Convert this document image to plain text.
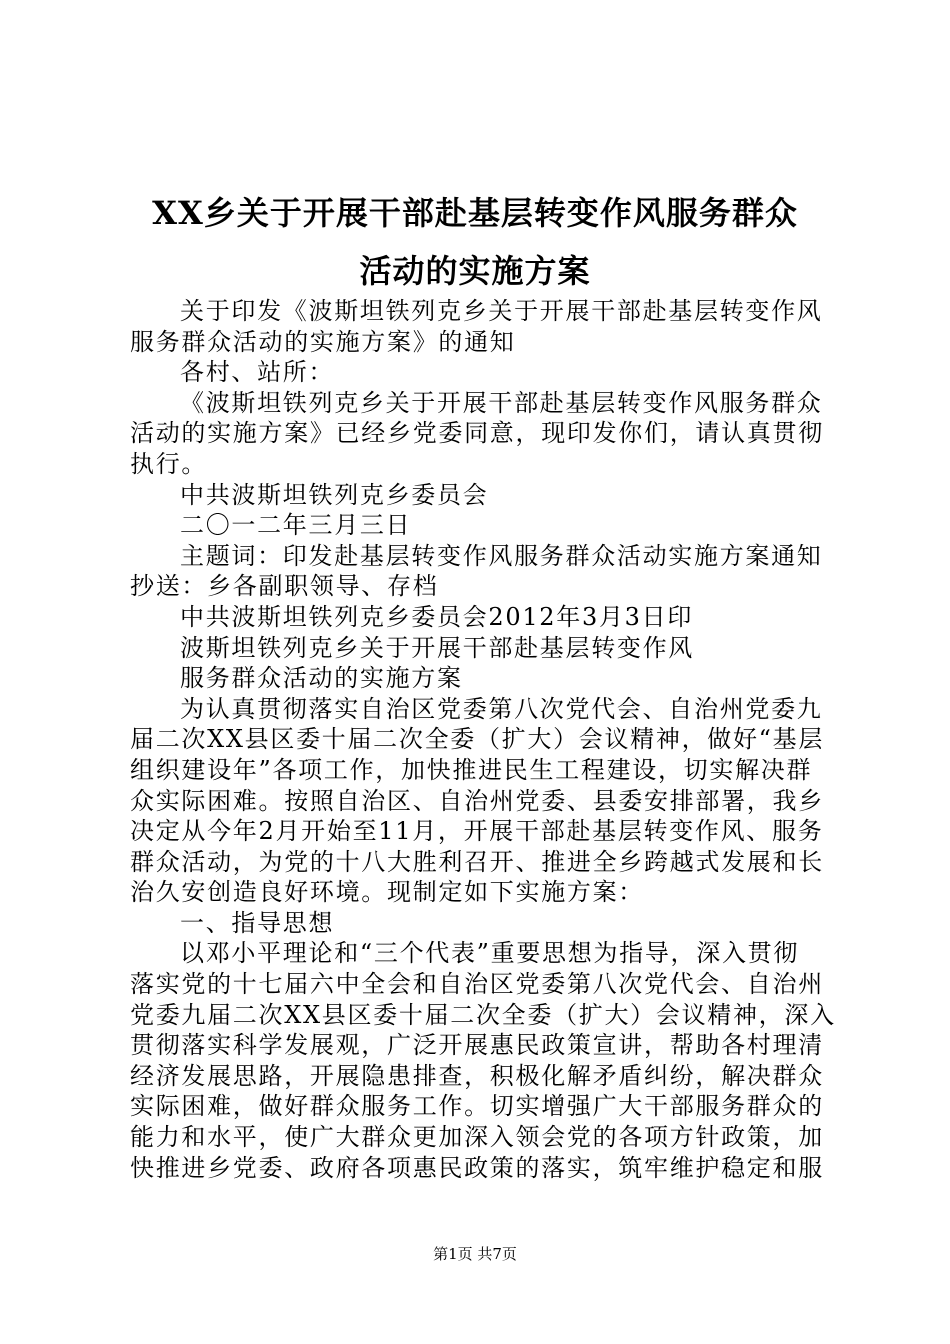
XX乡关于开展干部赴基层转变作风服务群众
活动的实施方案
关于印发《波斯坦铁列克乡关于开展干部赴基层转变作风
服务群众活动的实施方案》的通知
各村、站所：
《波斯坦铁列克乡关于开展干部赴基层转变作风服务群众
活动的实施方案》已经乡党委同意，现印发你们，请认真贯彻
执行。
中共波斯坦铁列克乡委员会
二〇一二年三月三日
主题词：印发赴基层转变作风服务群众活动实施方案通知
抄送：乡各副职领导、存档
中共波斯坦铁列克乡委员会2012年3月3日印
波斯坦铁列克乡关于开展干部赴基层转变作风
服务群众活动的实施方案
为认真贯彻落实自治区党委第八次党代会、自治州党委九
届二次XX县区委十届二次全委（扩大）会议精神，做好“基层
组织建设年”各项工作，加快推进民生工程建设，切实解决群
众实际困难。按照自治区、自治州党委、县委安排部署，我乡
决定从今年2月开始至11月，开展干部赴基层转变作风、服务
群众活动，为党的十八大胜利召开、推进全乡跨越式发展和长
治久安创造良好环境。现制定如下实施方案：
一、指导思想
以邓小平理论和“三个代表”重要思想为指导，深入贯彻
落实党的十七届六中全会和自治区党委第八次党代会、自治州
党委九届二次XX县区委十届二次全委（扩大）会议精神，深入
贯彻落实科学发展观，广泛开展惠民政策宣讲，帮助各村理清
经济发展思路，开展隐患排查，积极化解矛盾纠纷，解决群众
实际困难，做好群众服务工作。切实增强广大干部服务群众的
能力和水平，使广大群众更加深入领会党的各项方针政策，加
快推进乡党委、政府各项惠民政策的落实，筑牢维护稳定和服
第1页 共7页
